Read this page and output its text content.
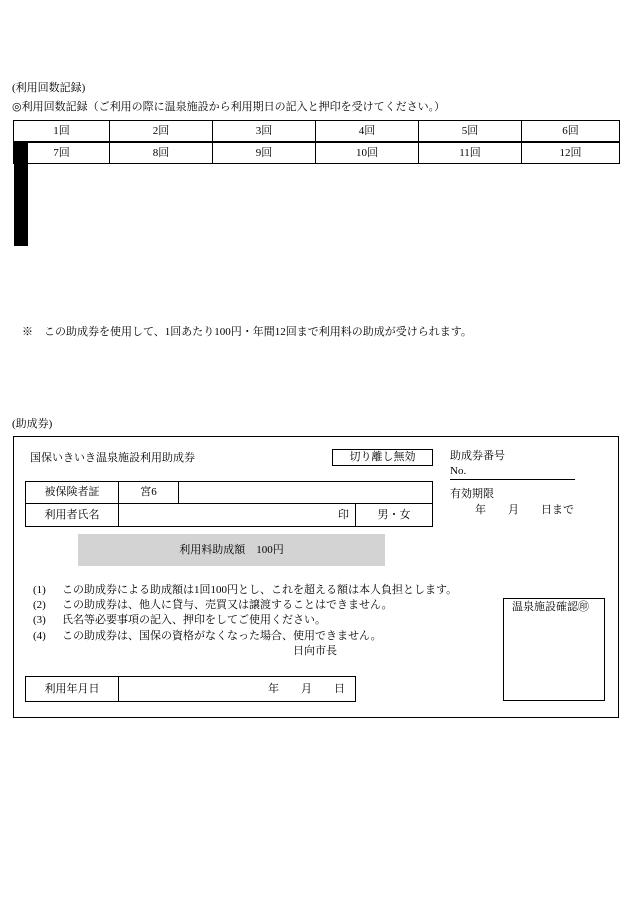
(利用回数記録)
◎利用回数記録（ご利用の際に温泉施設から利用期日の記入と押印を受けてください。）
1回	2回	3回	4回	5回	6回

7回	8回	9回	10回	11回	12回

※　この助成券を使用して、1回あたり100円・年間12回まで利用料の助成が受けられます。
(助成券)
国保いきいき温泉施設利用助成券	切り離し無効	助成券番号
No.
被保険者証	宮6
利用者氏名	印	男・女
有効期限
年　　月　　日まで
利用料助成額　100円
(1) この助成券による助成額は1回100円とし、これを超える額は本人負担とします。
(2) この助成券は、他人に貸与、売買又は譲渡することはできません。
(3) 氏名等必要事項の記入、押印をしてご使用ください。
(4) この助成券は、国保の資格がなくなった場合、使用できません。
日向市長
温泉施設確認㊞
利用年月日	年　　月　　日
